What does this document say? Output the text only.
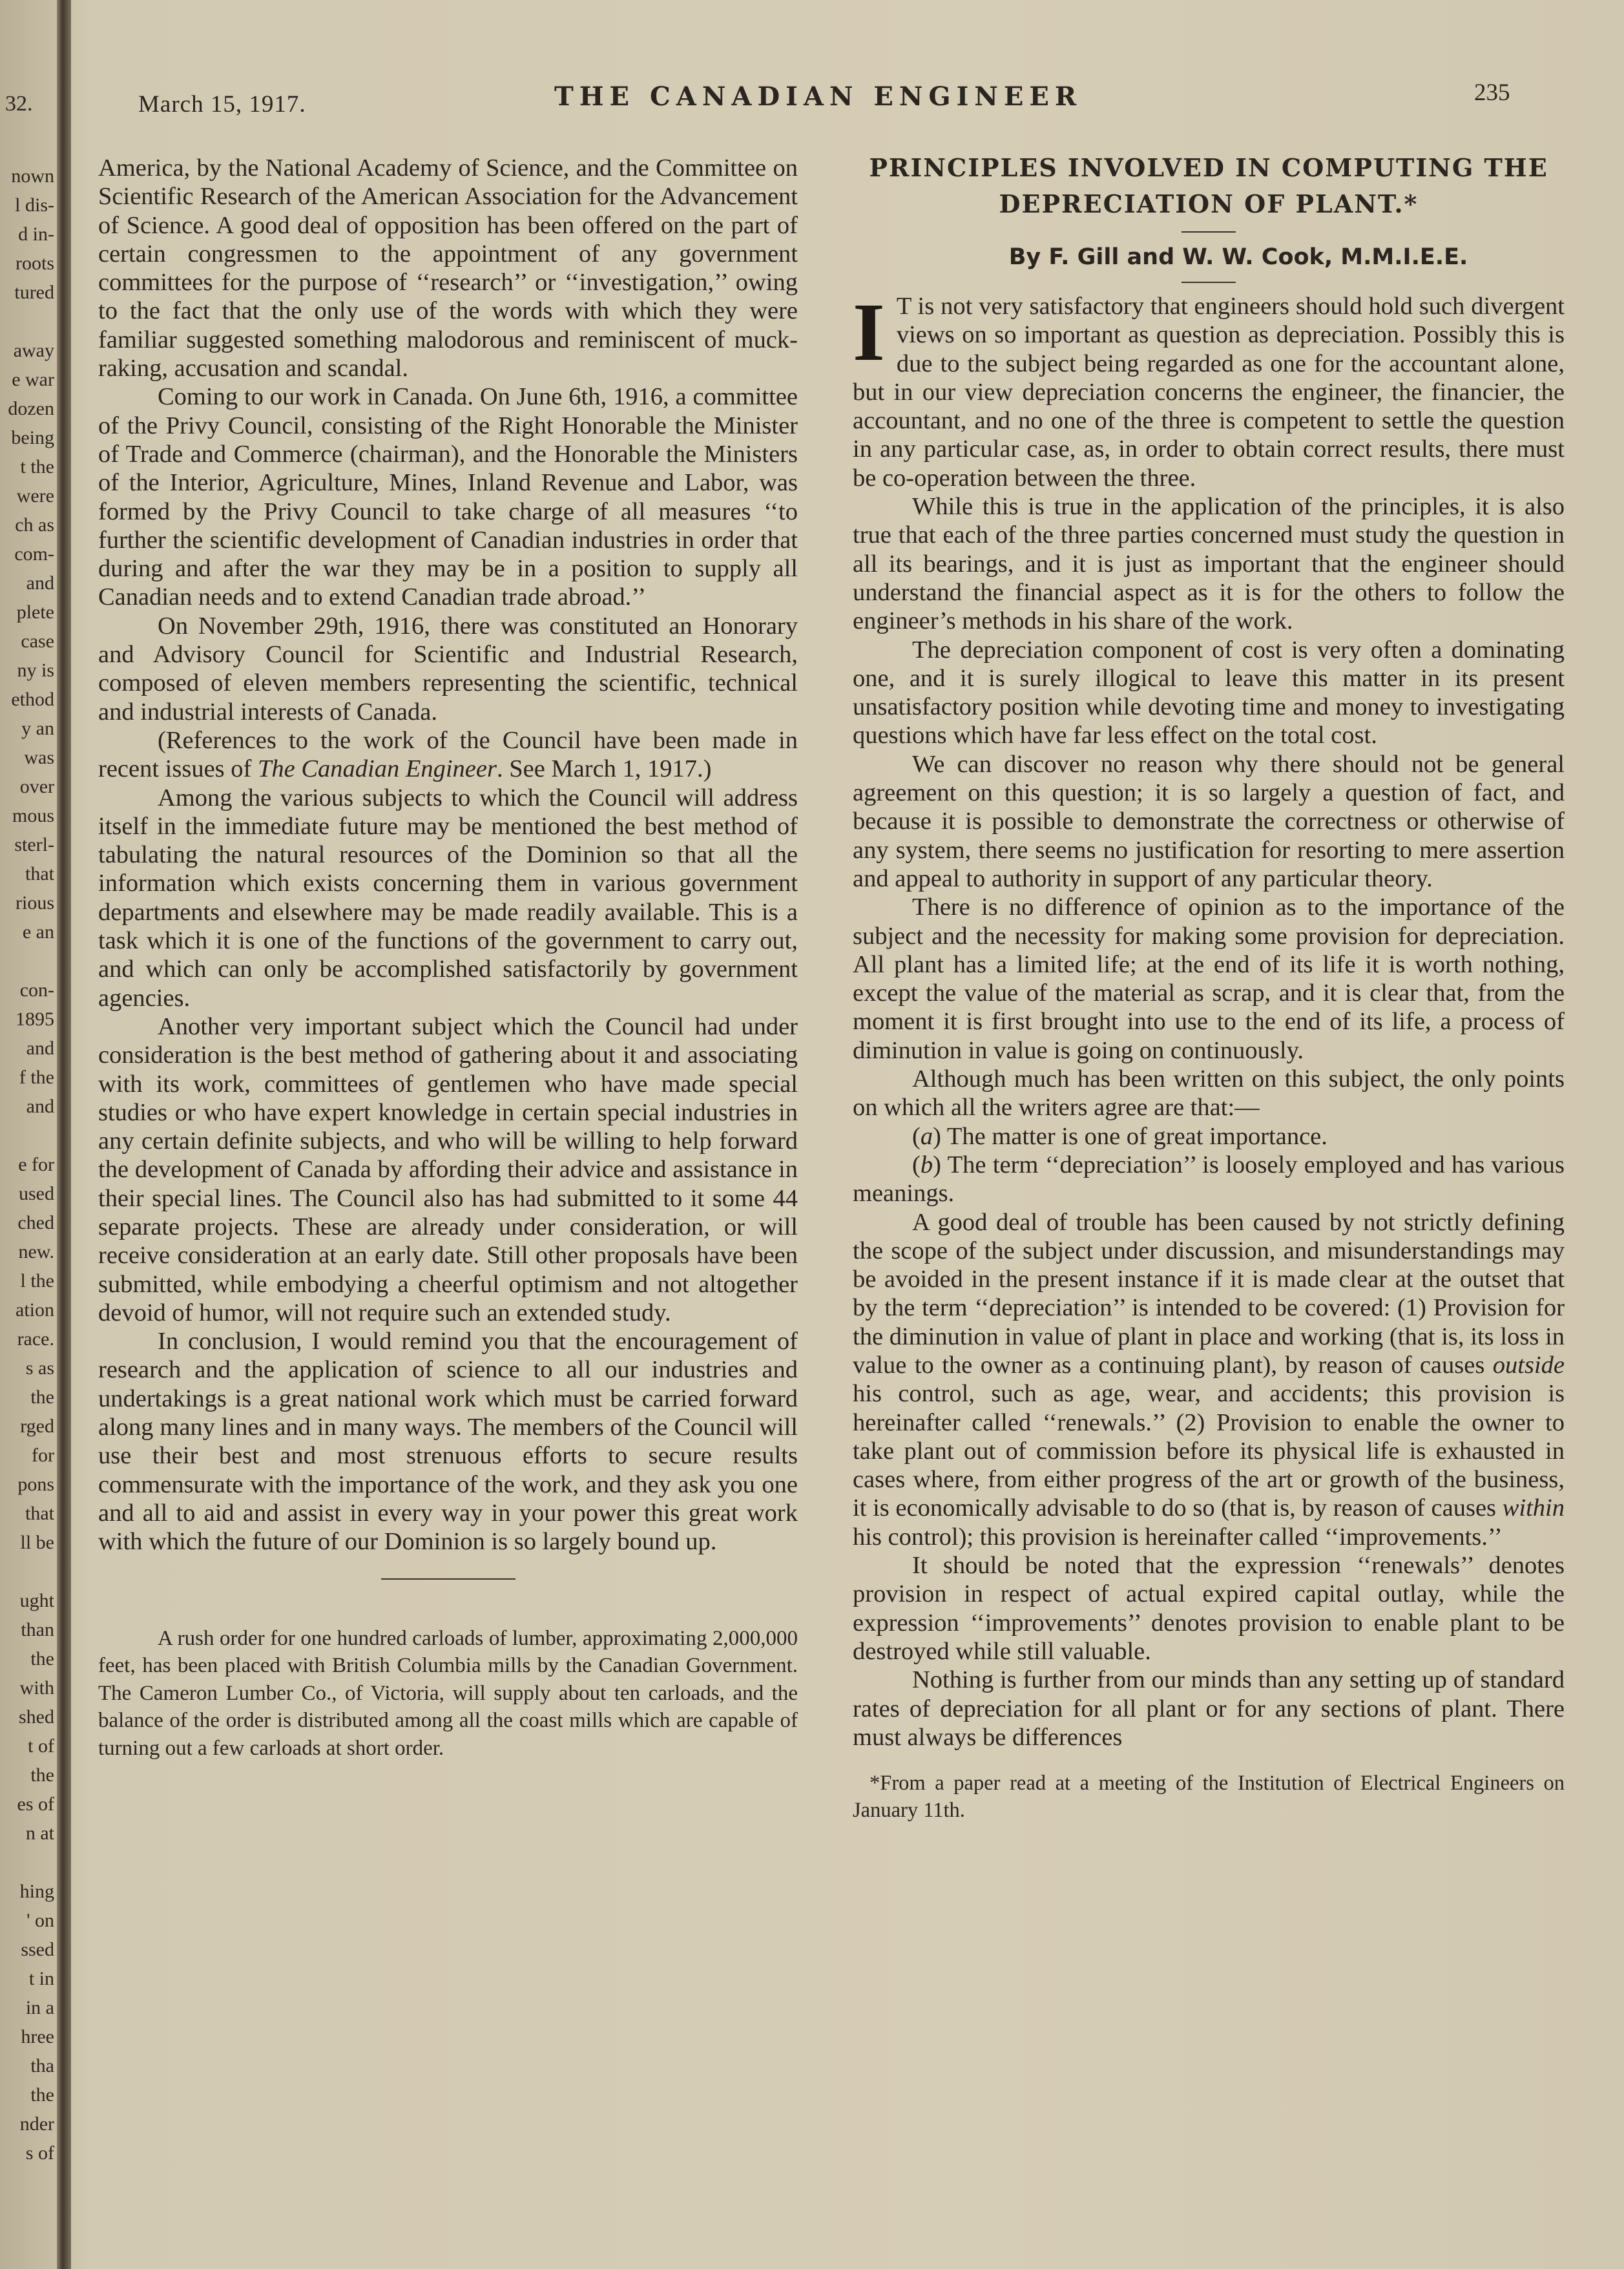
32.
nown
l dis-
d in-
roots
tured

away
e war
dozen
being
t the
were
ch as
com-
and
plete
case
ny is
ethod
y an
was
over
mous
sterl-
that
rious
e an

con-
1895
and
f the
and

e for
used
ched
new.
l the
ation
race.
s as
the
rged
for
pons
that
ll be

ught
than
the
with
shed
t of
the
es of
n at

hing
' on
ssed
t in
in a
hree
tha
the
nder
s of
March 15, 1917.	THE CANADIAN ENGINEER	235

America, by the National Academy of Science, and the Committee on Scientific Research of the American Association for the Advancement of Science. A good deal of opposition has been offered on the part of certain congressmen to the appointment of any government committees for the purpose of ‘‘research’’ or ‘‘investigation,’’ owing to the fact that the only use of the words with which they were familiar suggested something malodorous and reminiscent of muck-raking, accusation and scandal.

Coming to our work in Canada. On June 6th, 1916, a committee of the Privy Council, consisting of the Right Honorable the Minister of Trade and Commerce (chairman), and the Honorable the Ministers of the Interior, Agriculture, Mines, Inland Revenue and Labor, was formed by the Privy Council to take charge of all measures ‘‘to further the scientific development of Canadian industries in order that during and after the war they may be in a position to supply all Canadian needs and to extend Canadian trade abroad.’’

On November 29th, 1916, there was constituted an Honorary and Advisory Council for Scientific and Industrial Research, composed of eleven members representing the scientific, technical and industrial interests of Canada.

(References to the work of the Council have been made in recent issues of The Canadian Engineer. See March 1, 1917.)

Among the various subjects to which the Council will address itself in the immediate future may be mentioned the best method of tabulating the natural resources of the Dominion so that all the information which exists concerning them in various government departments and elsewhere may be made readily available. This is a task which it is one of the functions of the government to carry out, and which can only be accomplished satisfactorily by government agencies.

Another very important subject which the Council had under consideration is the best method of gathering about it and associating with its work, committees of gentlemen who have made special studies or who have expert knowledge in certain special industries in any certain definite subjects, and who will be willing to help forward the development of Canada by affording their advice and assistance in their special lines. The Council also has had submitted to it some 44 separate projects. These are already under consideration, or will receive consideration at an early date. Still other proposals have been submitted, while embodying a cheerful optimism and not altogether devoid of humor, will not require such an extended study.

In conclusion, I would remind you that the encouragement of research and the application of science to all our industries and undertakings is a great national work which must be carried forward along many lines and in many ways. The members of the Council will use their best and most strenuous efforts to secure results commensurate with the importance of the work, and they ask you one and all to aid and assist in every way in your power this great work with which the future of our Dominion is so largely bound up.

A rush order for one hundred carloads of lumber, approximating 2,000,000 feet, has been placed with British Columbia mills by the Canadian Government. The Cameron Lumber Co., of Victoria, will supply about ten carloads, and the balance of the order is distributed among all the coast mills which are capable of turning out a few carloads at short order.

PRINCIPLES INVOLVED IN COMPUTING THE DEPRECIATION OF PLANT.*

By F. Gill and W. W. Cook, M.M.I.E.E.

I T is not very satisfactory that engineers should hold such divergent views on so important as question as depreciation. Possibly this is due to the subject being regarded as one for the accountant alone, but in our view depreciation concerns the engineer, the financier, the accountant, and no one of the three is competent to settle the question in any particular case, as, in order to obtain correct results, there must be co-operation between the three.

While this is true in the application of the principles, it is also true that each of the three parties concerned must study the question in all its bearings, and it is just as important that the engineer should understand the financial aspect as it is for the others to follow the engineer’s methods in his share of the work.

The depreciation component of cost is very often a dominating one, and it is surely illogical to leave this matter in its present unsatisfactory position while devoting time and money to investigating questions which have far less effect on the total cost.

We can discover no reason why there should not be general agreement on this question; it is so largely a question of fact, and because it is possible to demonstrate the correctness or otherwise of any system, there seems no justification for resorting to mere assertion and appeal to authority in support of any particular theory.

There is no difference of opinion as to the importance of the subject and the necessity for making some provision for depreciation. All plant has a limited life; at the end of its life it is worth nothing, except the value of the material as scrap, and it is clear that, from the moment it is first brought into use to the end of its life, a process of diminution in value is going on continuously.

Although much has been written on this subject, the only points on which all the writers agree are that:—

(a) The matter is one of great importance.

(b) The term ‘‘depreciation’’ is loosely employed and has various meanings.

A good deal of trouble has been caused by not strictly defining the scope of the subject under discussion, and misunderstandings may be avoided in the present instance if it is made clear at the outset that by the term ‘‘depreciation’’ is intended to be covered: (1) Provision for the diminution in value of plant in place and working (that is, its loss in value to the owner as a continuing plant), by reason of causes outside his control, such as age, wear, and accidents; this provision is hereinafter called ‘‘renewals.’’ (2) Provision to enable the owner to take plant out of commission before its physical life is exhausted in cases where, from either progress of the art or growth of the business, it is economically advisable to do so (that is, by reason of causes within his control); this provision is hereinafter called ‘‘improvements.’’

It should be noted that the expression ‘‘renewals’’ denotes provision in respect of actual expired capital outlay, while the expression ‘‘improvements’’ denotes provision to enable plant to be destroyed while still valuable.

Nothing is further from our minds than any setting up of standard rates of depreciation for all plant or for any sections of plant. There must always be differences

*From a paper read at a meeting of the Institution of Electrical Engineers on January 11th.
